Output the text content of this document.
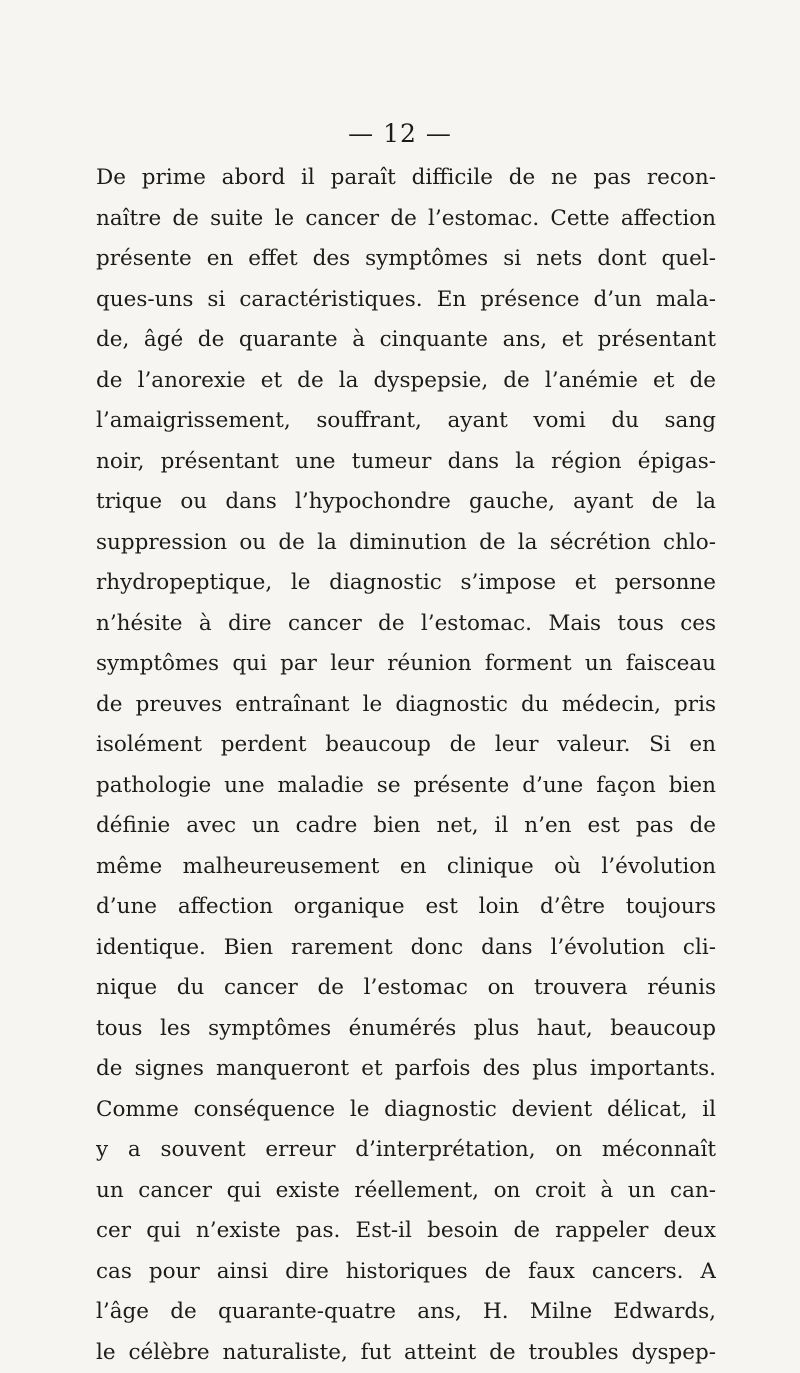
— 12 —
De prime abord il paraît difficile de ne pas recon-
naître de suite le cancer de l’estomac. Cette affection
présente en effet des symptômes si nets dont quel-
ques-uns si caractéristiques. En présence d’un mala-
de, âgé de quarante à cinquante ans, et présentant
de l’anorexie et de la dyspepsie, de l’anémie et de
l’amaigrissement, souffrant, ayant vomi du sang
noir, présentant une tumeur dans la région épigas-
trique ou dans l’hypochondre gauche, ayant de la
suppression ou de la diminution de la sécrétion chlo-
rhydropeptique, le diagnostic s’impose et personne
n’hésite à dire cancer de l’estomac. Mais tous ces
symptômes qui par leur réunion forment un faisceau
de preuves entraînant le diagnostic du médecin, pris
isolément perdent beaucoup de leur valeur. Si en
pathologie une maladie se présente d’une façon bien
définie avec un cadre bien net, il n’en est pas de
même malheureusement en clinique où l’évolution
d’une affection organique est loin d’être toujours
identique. Bien rarement donc dans l’évolution cli-
nique du cancer de l’estomac on trouvera réunis
tous les symptômes énumérés plus haut, beaucoup
de signes manqueront et parfois des plus importants.
Comme conséquence le diagnostic devient délicat, il
y a souvent erreur d’interprétation, on méconnaît
un cancer qui existe réellement, on croit à un can-
cer qui n’existe pas. Est-il besoin de rappeler deux
cas pour ainsi dire historiques de faux cancers. A
l’âge de quarante-quatre ans, H. Milne Edwards,
le célèbre naturaliste, fut atteint de troubles dyspep-
